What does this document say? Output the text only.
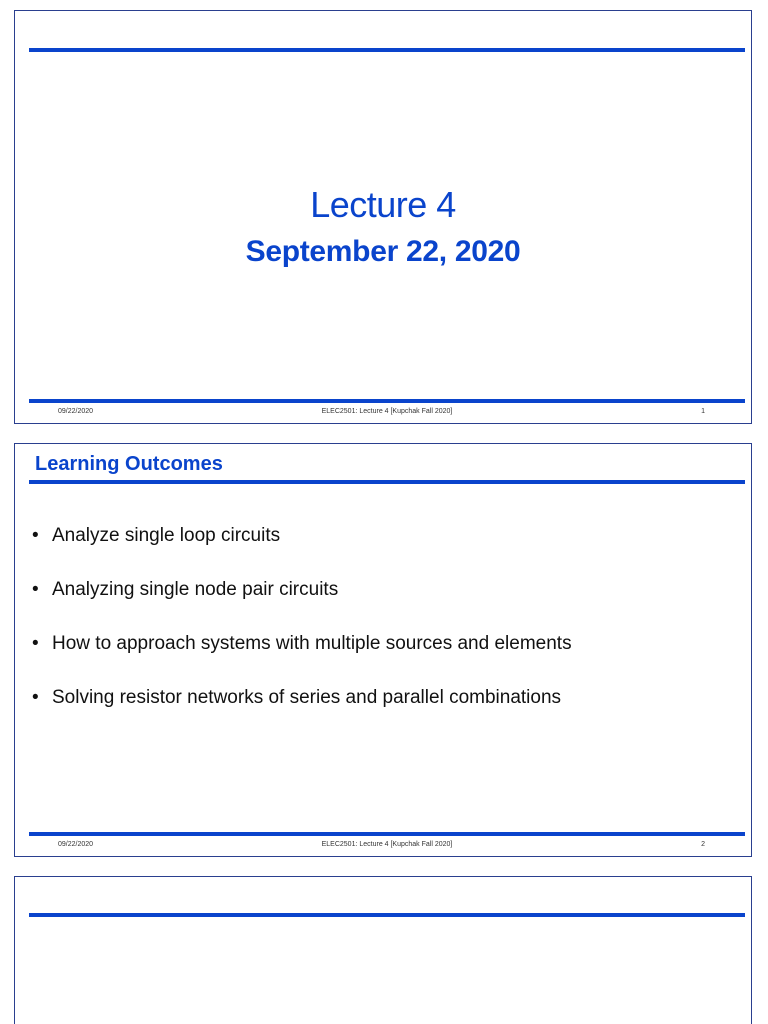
Lecture 4
September 22, 2020
09/22/2020	ELEC2501: Lecture 4 [Kupchak Fall 2020]	1
Learning Outcomes
• Analyze single loop circuits
• Analyzing single node pair circuits
• How to approach systems with multiple sources and elements
• Solving resistor networks of series and parallel combinations
09/22/2020	ELEC2501: Lecture 4 [Kupchak Fall 2020]	2
